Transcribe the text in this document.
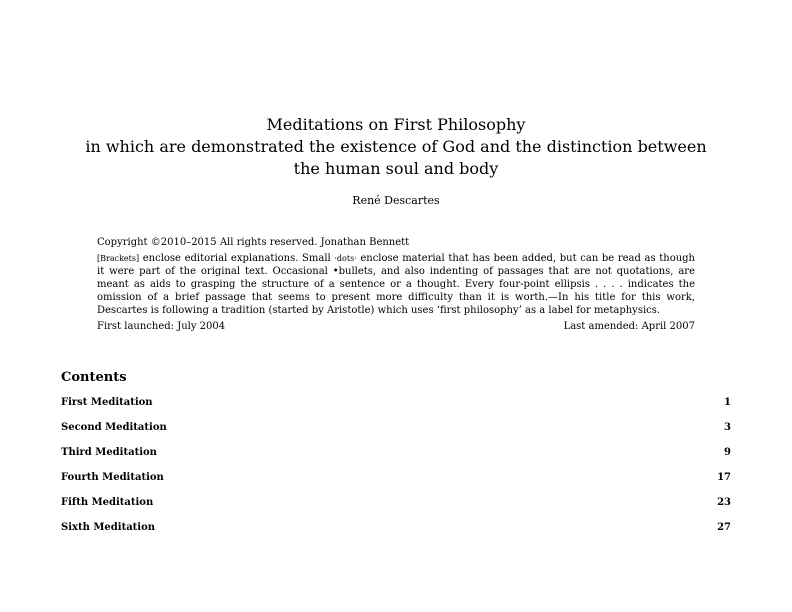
Meditations on First Philosophy
in which are demonstrated the existence of God and the distinction between
the human soul and body
René Descartes

Copyright ©2010–2015 All rights reserved. Jonathan Bennett

[Brackets] enclose editorial explanations. Small ·dots· enclose material that has been added, but can be read as though it were part of the original text. Occasional •bullets, and also indenting of passages that are not quotations, are meant as aids to grasping the structure of a sentence or a thought. Every four-point ellipsis . . . . indicates the omission of a brief passage that seems to present more difficulty than it is worth.—In his title for this work, Descartes is following a tradition (started by Aristotle) which uses ‘first philosophy’ as a label for metaphysics.

First launched: July 2004	Last amended: April 2007
Contents
First Meditation	1
Second Meditation	3
Third Meditation	9
Fourth Meditation	17
Fifth Meditation	23
Sixth Meditation	27
